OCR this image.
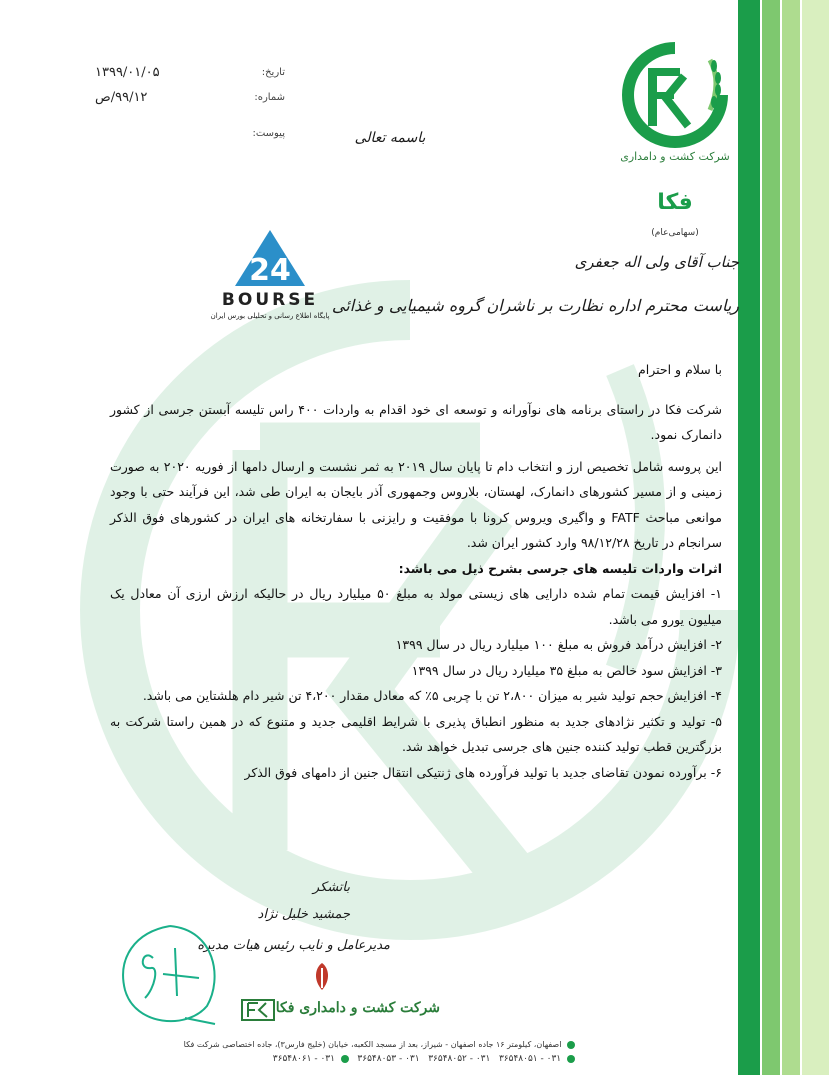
تاریخ:
۱۳۹۹/۰۱/۰۵
شماره:
۹۹/۱۲/ص
پیوست:	باسمه تعالی
شرکت کشت و دامداری
فکا
(سهامی‌عام)
24
BOURSE
پایگاه اطلاع رسانی و تحلیلی بورس ایران
جناب آقای ولی اله جعفری
ریاست محترم اداره نظارت بر ناشران گروه شیمیایی و غذائی

با سلام و احترام

شرکت فکا در راستای برنامه های نوآورانه و توسعه ای خود اقدام به واردات ۴۰۰ راس تلیسه آبستن جرسی از کشور دانمارک نمود.

این پروسه شامل تخصیص ارز و انتخاب دام تا پایان سال ۲۰۱۹ به ثمر نشست و ارسال دامها از فوریه ۲۰۲۰ به صورت زمینی و از مسیر کشورهای دانمارک، لهستان، بلاروس وجمهوری آذر بایجان به ایران طی شد، این فرآیند حتی با وجود موانعی مباحث FATF و واگیری ویروس کرونا با موفقیت و رایزنی با سفارتخانه های ایران در کشورهای فوق الذکر سرانجام در تاریخ ۹۸/۱۲/۲۸ وارد کشور ایران شد.

اثرات واردات تلیسه های جرسی بشرح ذیل می باشد:

۱- افزایش قیمت تمام شده دارایی های زیستی مولد به مبلغ ۵۰ میلیارد ریال در حالیکه ارزش ارزی آن معادل یک میلیون یورو می باشد.

۲- افزایش درآمد فروش به مبلغ ۱۰۰ میلیارد ریال در سال ۱۳۹۹

۳- افزایش سود خالص به مبلغ ۳۵ میلیارد ریال در سال ۱۳۹۹

۴- افزایش حجم تولید شیر به میزان ۲،۸۰۰ تن با چربی ۵٪ که معادل مقدار ۴،۲۰۰ تن شیر دام هلشتاین می باشد.

۵- تولید و تکثیر نژادهای جدید به منظور انطباق پذیری با شرایط اقلیمی جدید و متنوع که در همین راستا شرکت به بزرگترین قطب تولید کننده جنین های جرسی تبدیل خواهد شد.

۶- برآورده نمودن تقاضای جدید با تولید فرآورده های ژنتیکی انتقال جنین از دامهای فوق الذکر

باتشکر
جمشید خلیل نژاد
مدیرعامل و نایب رئیس هیات مدیره
شرکت کشت و دامداری فکا
اصفهان، کیلومتر ۱۶ جاده اصفهان - شیراز، بعد از مسجد الکعبه، خیابان (خلیج فارس۳)، جاده اختصاصی شرکت فکا
۰۳۱ - ۳۶۵۴۸۰۵۱   ۰۳۱ - ۳۶۵۴۸۰۵۲   ۰۳۱ - ۳۶۵۴۸۰۵۳    ۰۳۱ - ۳۶۵۴۸۰۶۱
